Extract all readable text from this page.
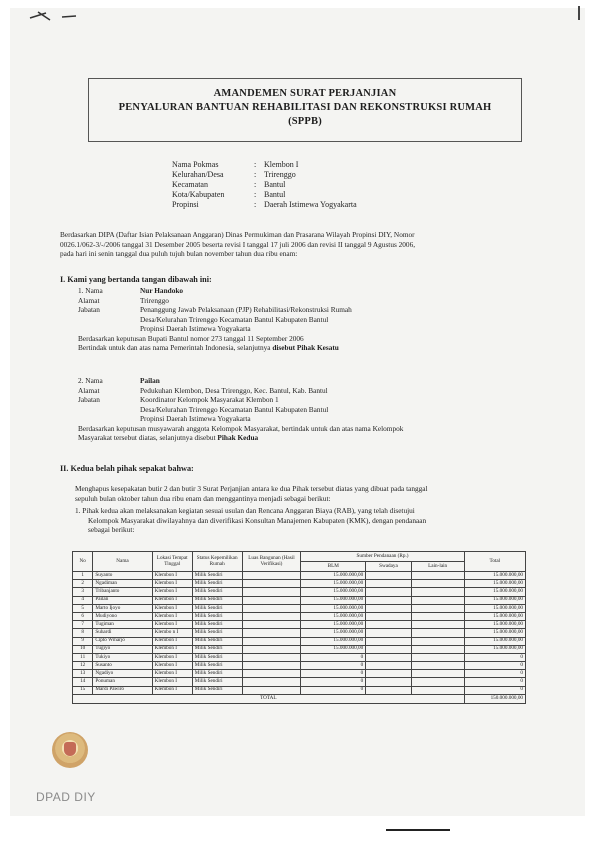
AMANDEMEN SURAT PERJANJIAN
PENYALURAN BANTUAN REHABILITASI DAN REKONSTRUKSI RUMAH
(SPPB)
Nama Pokmas	: Klembon I
Kelurahan/Desa	: Trirenggo
Kecamatan	: Bantul
Kota/Kabupaten	: Bantul
Propinsi	: Daerah Istimewa Yogyakarta
Berdasarkan DIPA (Daftar Isian Pelaksanaan Anggaran) Dinas Permukiman dan Prasarana Wilayah Propinsi DIY, Nomor
0026.1/062-3/-/2006 tanggal 31 Desember 2005 beserta revisi I tanggal 17 juli 2006 dan revisi II tanggal 9 Agustus 2006,
pada hari ini senin tanggal dua puluh tujuh bulan november tahun dua ribu enam:
I. Kami yang bertanda tangan dibawah ini:
1. Nama	Nur Handoko
Alamat	Trirenggo
Jabatan	Penanggung Jawab Pelaksanaan (PJP) Rehabilitasi/Rekonstruksi Rumah
Desa/Kelurahan Trirenggo Kecamatan Bantul Kabupaten Bantul
Propinsi Daerah Istimewa Yogyakarta
Berdasarkan keputusan Bupati Bantul nomor 273 tanggal 11 September 2006
Bertindak untuk dan atas nama Pemerintah Indonesia, selanjutnya disebut Pihak Kesatu
2. Nama	Pailan
Alamat	Pedukuhan Klembon, Desa Trirenggo, Kec. Bantul, Kab. Bantul
Jabatan	Koordinator Kelompok Masyarakat Klembon 1
Desa/Kelurahan Trirenggo Kecamatan Bantul Kabupaten Bantul
Propinsi Daerah Istimewa Yogyakarta
Berdasarkan keputusan musyawarah anggota Kelompok Masyarakat, bertindak untuk dan atas nama Kelompok
Masyarakat tersebut diatas, selanjutnya disebut Pihak Kedua
II. Kedua belah pihak sepakat bahwa:
Menghapus kesepakatan butir 2 dan butir 3 Surat Perjanjian antara ke dua Pihak tersebut diatas yang dibuat pada tanggal
sepuluh bulan oktober tahun dua ribu enam dan menggantinya menjadi sebagai berikut:
1. Pihak kedua akan melaksanakan kegiatan sesuai usulan dan Rencana Anggaran Biaya (RAB), yang telah disetujui
Kelompok Masyarakat diwilayahnya dan diverifikasi Konsultan Manajemen Kabupaten (KMK), dengan pendanaan
sebagai berikut:
No	Nama	Lokasi Tempat Tinggal	Status Kepemilikan Rumah	Luas Bangunan (Hasil Verifikasi)	Sumber Pendanaan (Rp.)			Total
					BLM	Swadaya	Lain-lain	
1	Suyanto	Klembon I	Milik Sendiri		15.000.000,00			15.000.000,00
2	Ngadiman	Klembon I	Milik Sendiri		15.000.000,00			15.000.000,00
3	Tribanjanto	Klembon I	Milik Sendiri		15.000.000,00			15.000.000,00
4	Pailan	Klembon I	Milik Sendiri		15.000.000,00			15.000.000,00
5	Marto Ijoyo	Klembon I	Milik Sendiri		15.000.000,00			15.000.000,00
6	Mudiyono	Klembon I	Milik Sendiri		15.000.000,00			15.000.000,00
7	Tugiman	Klembon I	Milik Sendiri		15.000.000,00			15.000.000,00
8	Suhardi	Klembo n I	Milik Sendiri		15.000.000,00			15.000.000,00
9	Cipto Wiharjo	Klembon I	Milik Sendiri		15.000.000,00			15.000.000,00
10	Tugiyo	Klembon I	Milik Sendiri		15.000.000,00			15.000.000,00
11	Tukiyo	Klembon I	Milik Sendiri		0			0
12	Susanto	Klembon I	Milik Sendiri		0			0
13	Ngadiyo	Klembon I	Milik Sendiri		0			0
14	Ponuman	Klembon I	Milik Sendiri		0			0
15	Mardi Pawiro	Klembon I	Milik Sendiri		0			0
TOTAL								150.000.000,00
DPAD DIY
